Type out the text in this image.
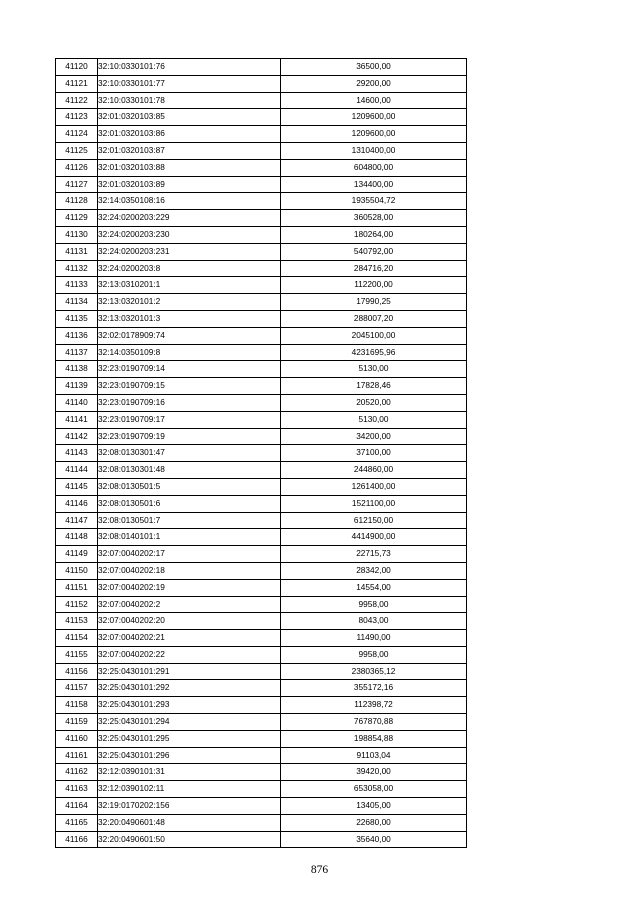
41120	32:10:0330101:76	36500,00
41121	32:10:0330101:77	29200,00
41122	32:10:0330101:78	14600,00
41123	32:01:0320103:85	1209600,00
41124	32:01:0320103:86	1209600,00
41125	32:01:0320103:87	1310400,00
41126	32:01:0320103:88	604800,00
41127	32:01:0320103:89	134400,00
41128	32:14:0350108:16	1935504,72
41129	32:24:0200203:229	360528,00
41130	32:24:0200203:230	180264,00
41131	32:24:0200203:231	540792,00
41132	32:24:0200203:8	284716,20
41133	32:13:0310201:1	112200,00
41134	32:13:0320101:2	17990,25
41135	32:13:0320101:3	288007,20
41136	32:02:0178909:74	2045100,00
41137	32:14:0350109:8	4231695,96
41138	32:23:0190709:14	5130,00
41139	32:23:0190709:15	17828,46
41140	32:23:0190709:16	20520,00
41141	32:23:0190709:17	5130,00
41142	32:23:0190709:19	34200,00
41143	32:08:0130301:47	37100,00
41144	32:08:0130301:48	244860,00
41145	32:08:0130501:5	1261400,00
41146	32:08:0130501:6	1521100,00
41147	32:08:0130501:7	612150,00
41148	32:08:0140101:1	4414900,00
41149	32:07:0040202:17	22715,73
41150	32:07:0040202:18	28342,00
41151	32:07:0040202:19	14554,00
41152	32:07:0040202:2	9958,00
41153	32:07:0040202:20	8043,00
41154	32:07:0040202:21	11490,00
41155	32:07:0040202:22	9958,00
41156	32:25:0430101:291	2380365,12
41157	32:25:0430101:292	355172,16
41158	32:25:0430101:293	112398,72
41159	32:25:0430101:294	767870,88
41160	32:25:0430101:295	198854,88
41161	32:25:0430101:296	91103,04
41162	32:12:0390101:31	39420,00
41163	32:12:0390102:11	653058,00
41164	32:19:0170202:156	13405,00
41165	32:20:0490601:48	22680,00
41166	32:20:0490601:50	35640,00
876
